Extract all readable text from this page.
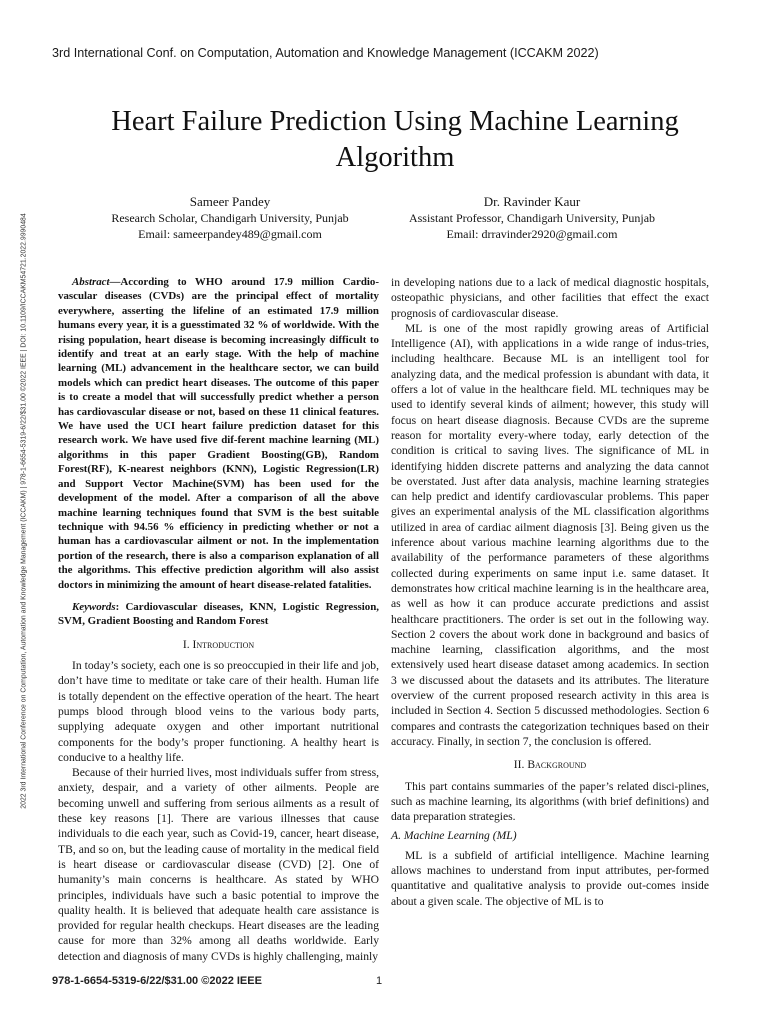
3rd International Conf. on Computation, Automation and Knowledge Management (ICCAKM 2022)
2022 3rd International Conference on Computation, Automation and Knowledge Management (ICCAKM) | 978-1-6654-5319-6/22/$31.00 ©2022 IEEE | DOI: 10.1109/ICCAKM54721.2022.9990484
Heart Failure Prediction Using Machine Learning Algorithm
Sameer Pandey
Research Scholar, Chandigarh University, Punjab
Email: sameerpandey489@gmail.com
Dr. Ravinder Kaur
Assistant Professor, Chandigarh University, Punjab
Email: drravinder2920@gmail.com

Abstract—According to WHO around 17.9 million Cardio-vascular diseases (CVDs) are the principal effect of mortality everywhere, asserting the lifeline of an estimated 17.9 million humans every year, it is a guesstimated 32 % of worldwide. With the rising population, heart disease is becoming increasingly difficult to identify and treat at an early stage. With the help of machine learning (ML) advancement in the healthcare sector, we can build models which can predict heart diseases. The outcome of this paper is to create a model that will successfully predict whether a person has cardiovascular disease or not, based on these 11 clinical features. We have used the UCI heart failure prediction dataset for this research work. We have used five dif-ferent machine learning (ML) algorithms in this paper Gradient Boosting(GB), Random Forest(RF), K-nearest neighbors (KNN), Logistic Regression(LR) and Support Vector Machine(SVM) has been used for the development of the model. After a comparison of all the above machine learning techniques found that SVM is the best suitable technique with 94.56 % efficiency in predicting whether or not a human has a cardiovascular ailment or not. In the implementation portion of the research, there is also a comparison explanation of all the algorithms. This effective prediction algorithm will also assist doctors in minimizing the amount of heart disease-related fatalities.

Keywords: Cardiovascular diseases, KNN, Logistic Regression, SVM, Gradient Boosting and Random Forest

I. Introduction

In today’s society, each one is so preoccupied in their life and job, don’t have time to meditate or take care of their health. Human life is totally dependent on the effective operation of the heart. The heart pumps blood through blood veins to the various body parts, supplying adequate oxygen and other important nutritional components for the body’s proper functioning. A healthy heart is conducive to a healthy life.

Because of their hurried lives, most individuals suffer from stress, anxiety, despair, and a variety of other ailments. People are becoming unwell and suffering from serious ailments as a result of these key reasons [1]. There are various illnesses that cause individuals to die each year, such as Covid-19, cancer, heart disease, TB, and so on, but the leading cause of mortality in the medical field is heart disease or cardiovascular disease (CVD) [2]. One of humanity’s main concerns is healthcare. As stated by WHO principles, individuals have such a basic potential to improve the quality health. It is believed that adequate health care assistance is provided for regular health checkups. Heart diseases are the leading cause for more than 32% among all deaths worldwide. Early detection and diagnosis of many CVDs is highly challenging, mainly

in developing nations due to a lack of medical diagnostic hospitals, osteopathic physicians, and other facilities that effect the exact prognosis of cardiovascular disease.

ML is one of the most rapidly growing areas of Artificial Intelligence (AI), with applications in a wide range of indus-tries, including healthcare. Because ML is an intelligent tool for analyzing data, and the medical profession is abundant with data, it offers a lot of value in the healthcare field. ML techniques may be used to identify several kinds of ailment; however, this study will focus on heart disease diagnosis. Because CVDs are the supreme reason for mortality every-where today, early detection of the condition is critical to saving lives. The significance of ML in identifying hidden discrete patterns and analyzing the data cannot be overstated. Just after data analysis, machine learning strategies can help predict and identify cardiovascular problems. This paper gives an experimental analysis of the ML classification algorithms utilized in area of cardiac ailment diagnosis [3]. Being given us the inference about various machine learning algorithms due to the availability of the performance parameters of these algorithms collected during experiments on same input i.e. same dataset. It demonstrates how critical machine learning is in the healthcare area, as well as how it can produce accurate predictions and assist healthcare practitioners. The order is set out in the following way. Section 2 covers the about work done in background and basics of machine learning, classification algorithms, and the most extensively used heart disease dataset among academics. In section 3 we discussed about the datasets and its attributes. The literature overview of the current proposed research activity in this area is included in Section 4. Section 5 discussed methodologies. Section 6 compares and contrasts the categorization techniques based on their accuracy. Finally, in section 7, the conclusion is offered.

II. Background

This part contains summaries of the paper’s related disci-plines, such as machine learning, its algorithms (with brief definitions) and data preparation strategies.

A. Machine Learning (ML)

ML is a subfield of artificial intelligence. Machine learning allows machines to understand from input attributes, per-formed quantitative and qualitative analysis to provide out-comes inside about a given scale. The objective of ML is to

978-1-6654-5319-6/22/$31.00 ©2022 IEEE	1
